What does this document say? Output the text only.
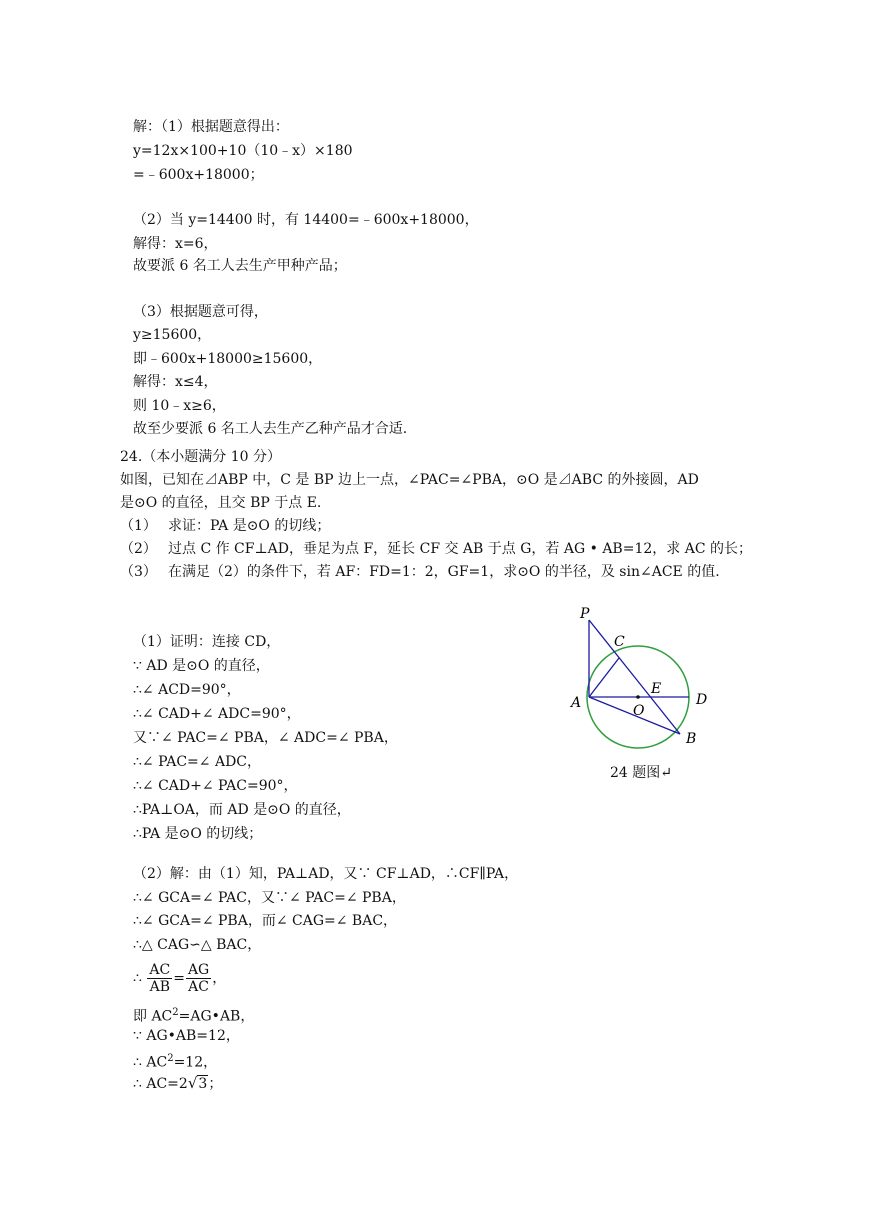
解：（1）根据题意得出：
y=12x×100+10（10﹣x）×180
=﹣600x+18000；
（2）当 y=14400 时，有 14400=﹣600x+18000，
解得：x=6，
故要派 6 名工人去生产甲种产品；
（3）根据题意可得，
y≥15600，
即﹣600x+18000≥15600，
解得：x≤4，
则 10﹣x≥6，
故至少要派 6 名工人去生产乙种产品才合适.
24.（本小题满分 10 分）
如图，已知在⊿ABP 中，C 是 BP 边上一点，∠PAC=∠PBA，⊙O 是⊿ABC 的外接圆，AD
是⊙O 的直径，且交 BP 于点 E.
（1） 求证：PA 是⊙O 的切线；
（2） 过点 C 作 CF⊥AD，垂足为点 F，延长 CF 交 AB 于点 G，若 AG • AB=12，求 AC 的长；
（3） 在满足（2）的条件下，若 AF：FD=1：2，GF=1，求⊙O 的半径，及 sin∠ACE 的值.
P
C
A
E
D
O
B
24 题图↵
（1）证明：连接 CD，
∵ AD 是⊙O 的直径，
∴∠ ACD=90°，
∴∠ CAD+∠ ADC=90°，
又∵∠ PAC=∠ PBA，∠ ADC=∠ PBA，
∴∠ PAC=∠ ADC，
∴∠ CAD+∠ PAC=90°，
∴PA⊥OA，而 AD 是⊙O 的直径，
∴PA 是⊙O 的切线；
（2）解：由（1）知，PA⊥AD，又∵ CF⊥AD，∴CF∥PA，
∴∠ GCA=∠ PAC，又∵∠ PAC=∠ PBA，
∴∠ GCA=∠ PBA，而∠ CAG=∠ BAC，
∴△ CAG∽△ BAC，
∴ $\frac{AC}{AB} = \frac{AG}{AC}$ ，
即 $AC^2=AG•AB$，
∵ AG•AB=12，
∴ $AC^2=12$，
∴ AC=2√3；
